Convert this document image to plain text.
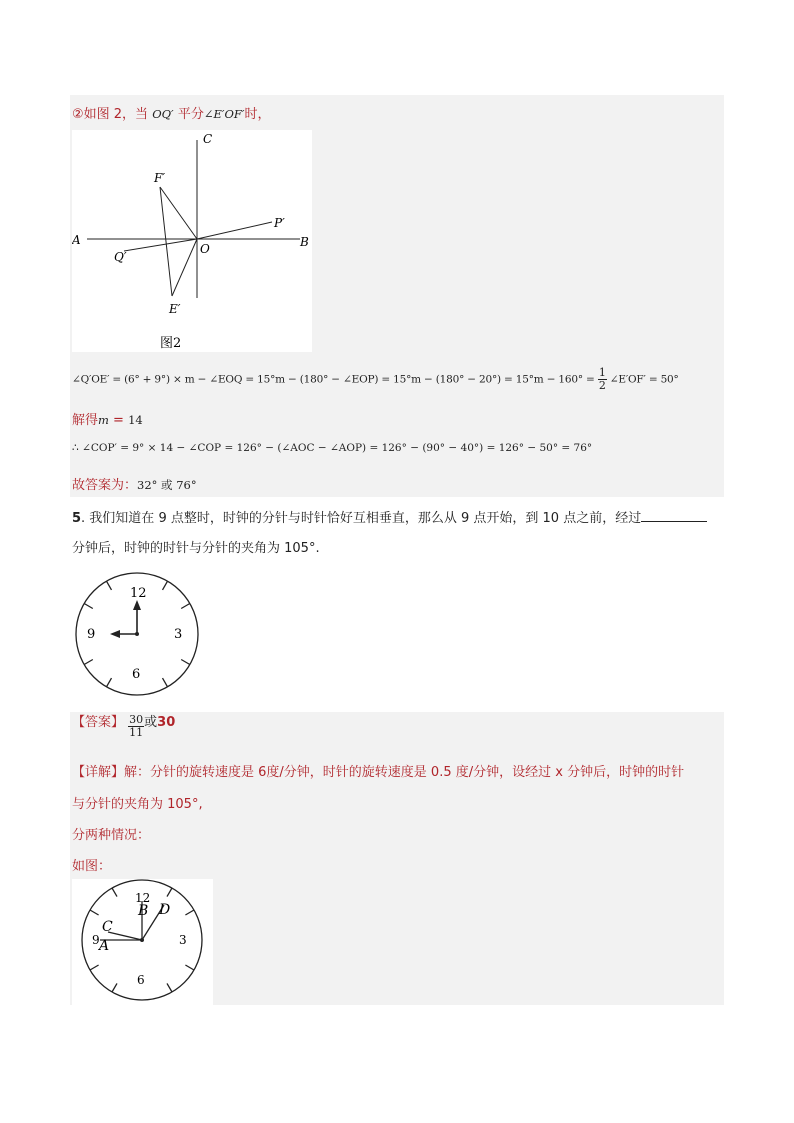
②如图 2，当 OQ′ 平分∠E′OF′时，
C
F′
P′
A
O	B
Q′
E′
图2
∠Q′OE′ = (6° + 9°) × m − ∠EOQ = 15°m − (180° − ∠EOP) = $15^\circ m - (180^\circ - 20^\circ) = 15^\circ m - 160^\circ = \frac{1}{2}$ ∠E′OF′ = 50°
解得m = 14
∴ ∠COP′ = 9° × 14 − ∠COP = 126° − (∠AOC − ∠AOP) = 126° − (90° − 40°) = 126° − 50° = 76°
故答案为：32° 或 76°
5. 我们知道在 9 点整时，时钟的分针与时针恰好互相垂直，那么从 9 点开始，到 10 点之前，经过
分钟后，时钟的时针与分针的夹角为 105°.
12
3
6
9
【答案】 $\frac{30}{11}$ 或30
【详解】解：分针的旋转速度是 6度/分钟，时针的旋转速度是 0.5 度/分钟，设经过 x 分钟后，时钟的时针
与分针的夹角为 105°,
分两种情况：
如图：
12
3
6
9
B D
C
A
